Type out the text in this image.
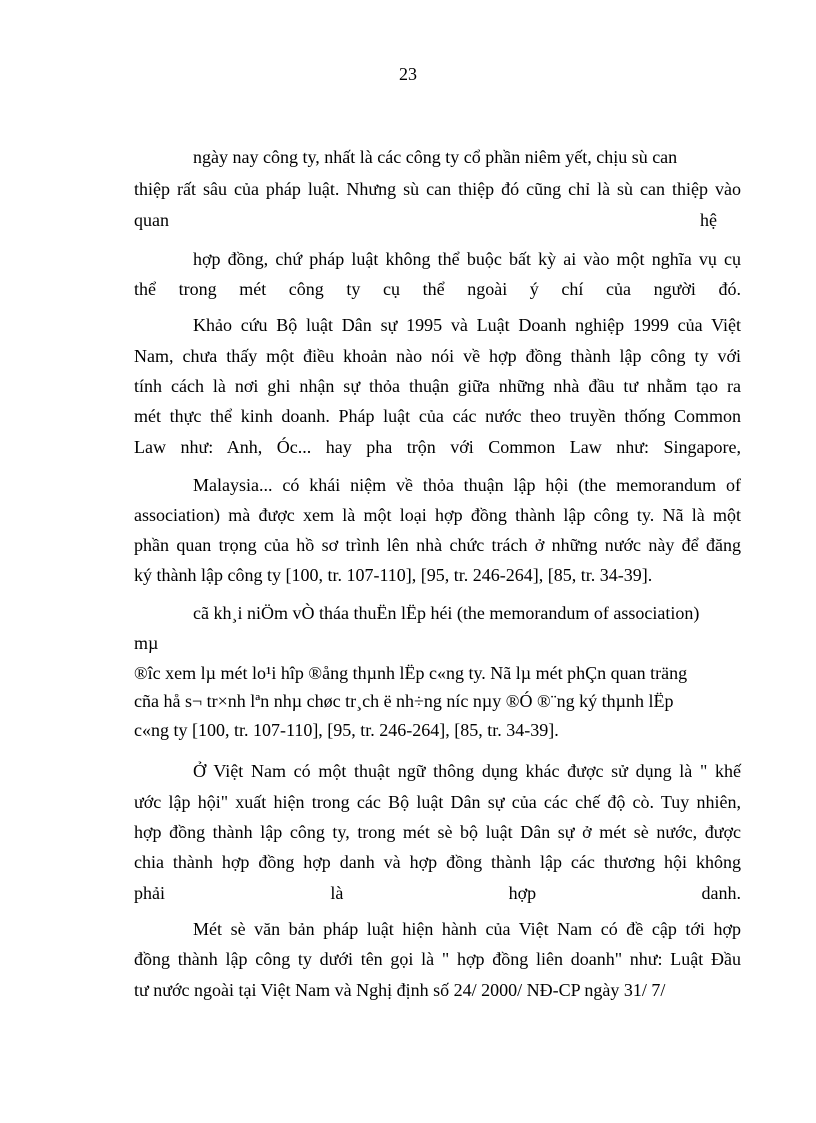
23
ngày nay công ty, nhất là các công ty cổ phần niêm yết, chịu sù can
thiệp rất sâu của pháp luật. Nhưng sù can thiệp đó cũng chỉ là sù can thiệp vào
quan	hệ
hợp đồng, chứ pháp luật không thể buộc bất kỳ ai vào một nghĩa vụ cụ
thể trong mét công ty cụ thể ngoài ý chí của người đó.
Khảo cứu Bộ luật Dân sự 1995 và Luật Doanh nghiệp 1999 của Việt
Nam, chưa thấy một điều khoản nào nói về hợp đồng thành lập công ty với
tính cách là nơi ghi nhận sự thỏa thuận giữa những nhà đầu tư nhằm tạo ra
mét thực thể kinh doanh. Pháp luật của các nước theo truyền thống Common
Law như: Anh, Óc... hay pha trộn với Common Law như: Singapore,
Malaysia... có khái niệm về thỏa thuận lập hội (the memorandum of
association) mà được xem là một loại hợp đồng thành lập công ty. Nã là một
phần quan trọng của hồ sơ trình lên nhà chức trách ở những nước này để đăng
ký thành lập công ty [100, tr. 107-110], [95, tr. 246-264], [85, tr. 34-39].
cã kh¸i niÖm vÒ tháa thuËn lËp héi (the memorandum of association)
mµ
®îc xem lµ mét lo¹i hîp ®ång thµnh lËp c«ng ty. Nã lµ mét phÇn quan träng
cña hå s¬ tr×nh lªn nhµ chøc tr¸ch ë nh÷ng níc nµy ®Ó ®¨ng ký thµnh lËp
c«ng ty [100, tr. 107-110], [95, tr. 246-264], [85, tr. 34-39].
Ở Việt Nam có một thuật ngữ thông dụng khác được sử dụng là " khế
ước lập hội" xuất hiện trong các Bộ luật Dân sự của các chế độ cò. Tuy nhiên,
hợp đồng thành lập công ty, trong mét sè bộ luật Dân sự ở mét sè nước, được
chia thành hợp đồng hợp danh và hợp đồng thành lập các thương hội không
phải là hợp danh.
Mét sè văn bản pháp luật hiện hành của Việt Nam có đề cập tới hợp
đồng thành lập công ty dưới tên gọi là " hợp đồng liên doanh" như: Luật Đầu
tư nước ngoài tại Việt Nam và Nghị định số 24/ 2000/ NĐ-CP ngày 31/ 7/
